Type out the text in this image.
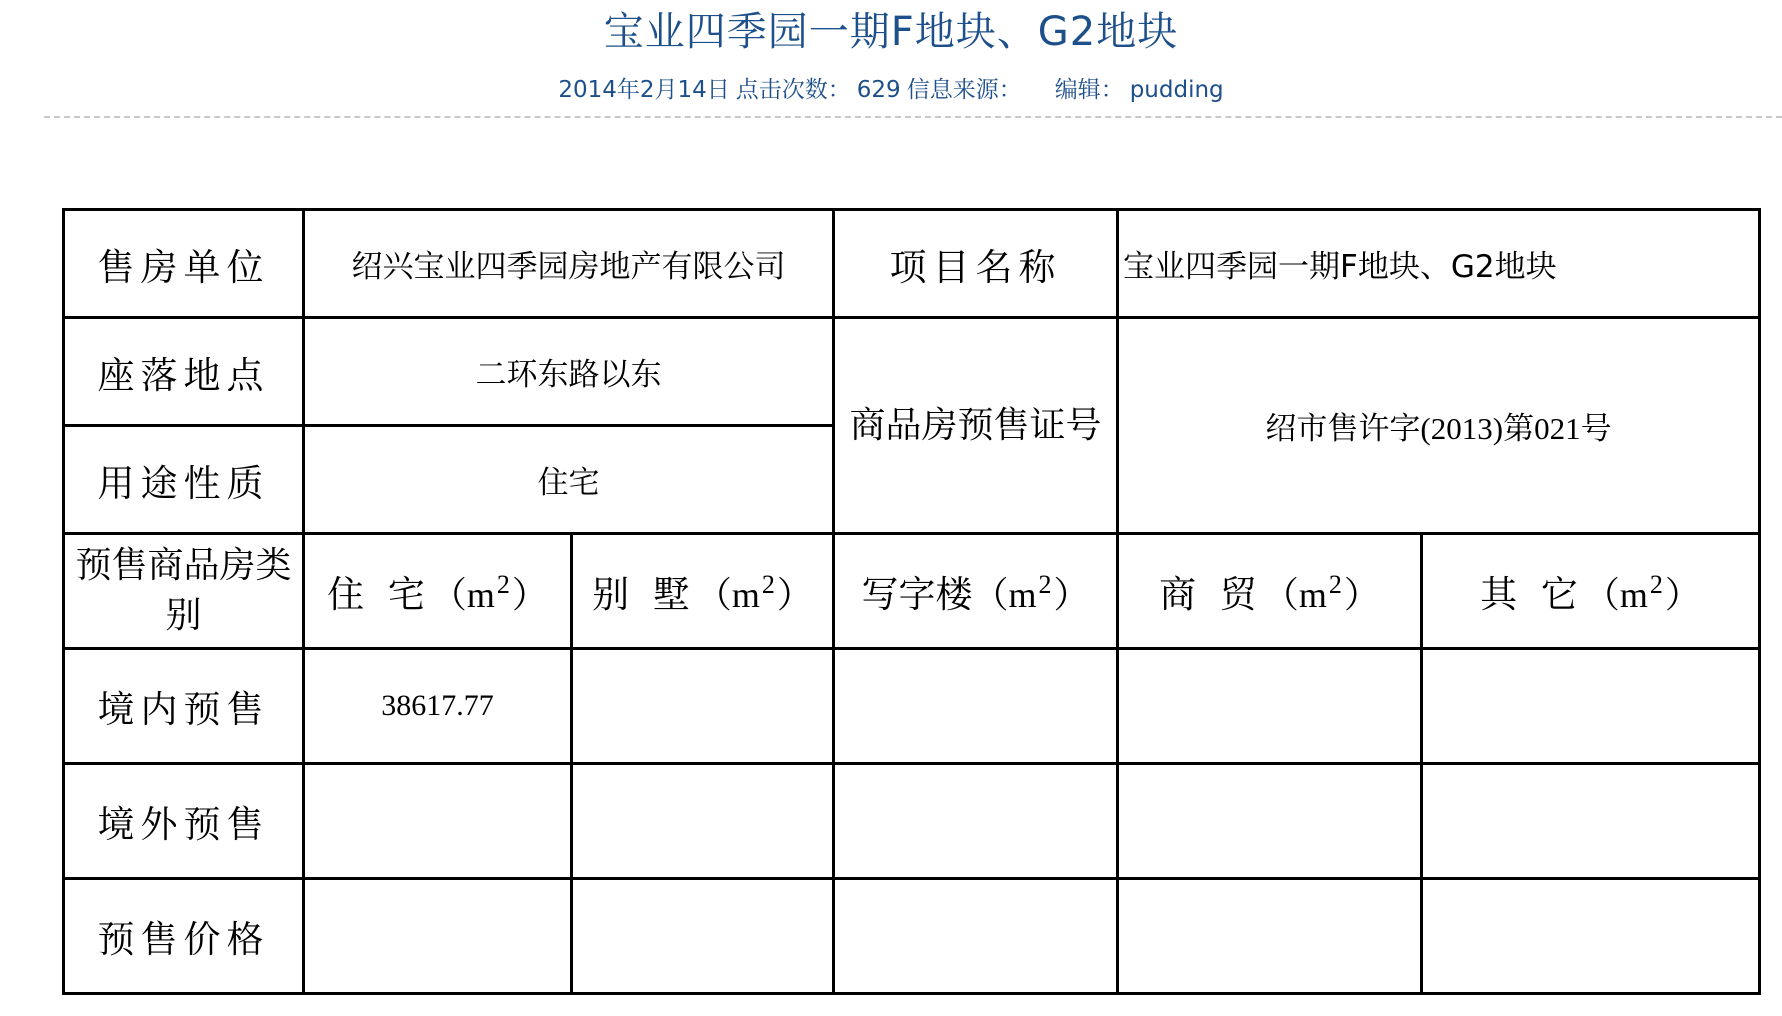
宝业四季园一期F地块、G2地块
2014年2月14日 点击次数： 629 信息来源： 编辑： pudding
售房单位	绍兴宝业四季园房地产有限公司		项目名称	宝业四季园一期F地块、G2地块	
座落地点	二环东路以东		商品房预售证号	绍市售许字(2013)第021号	
用途性质	住宅				
预售商品房类别	住 宅$(m^2)$	别 墅$(m^2)$	写字楼$(m^2)$	商 贸$(m^2)$	其 它$(m^2)$
境内预售	38617.77				
境外预售					
预售价格					
